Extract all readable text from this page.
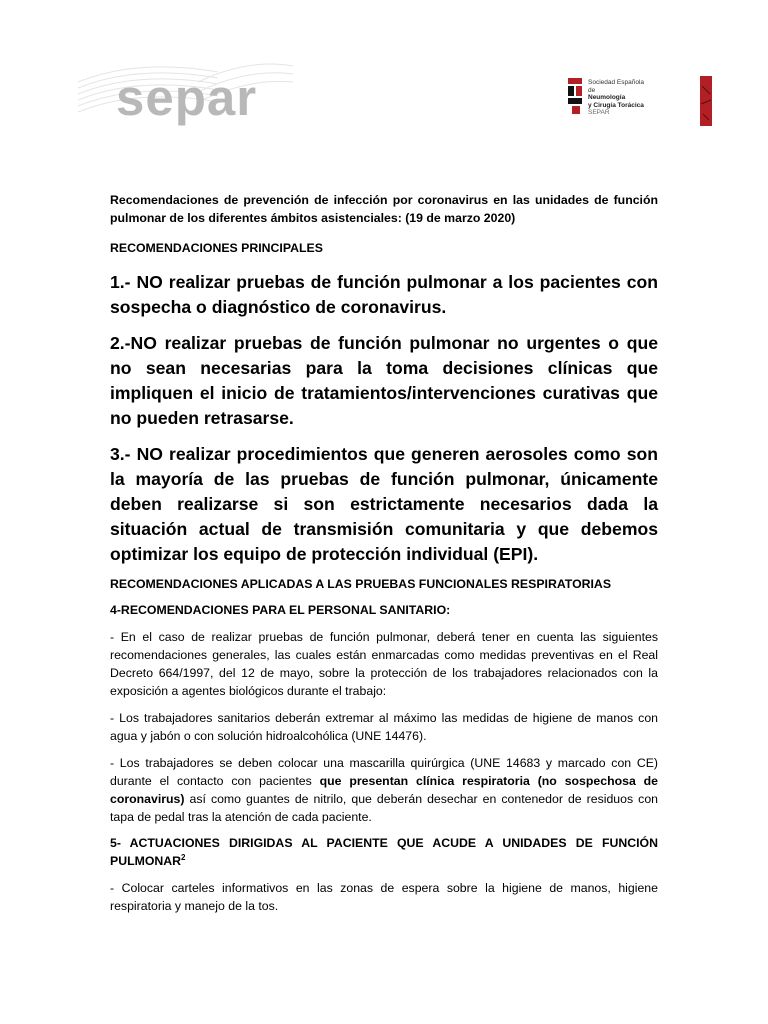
separ	Sociedad Española
de
Neumología
y Cirugía Torácica
SEPAR

Recomendaciones de prevención de infección por coronavirus en las unidades de función pulmonar de los diferentes ámbitos asistenciales: (19 de marzo 2020)

RECOMENDACIONES PRINCIPALES

1.- NO realizar pruebas de función pulmonar a los pacientes con sospecha o diagnóstico de coronavirus.

2.-NO realizar pruebas de función pulmonar no urgentes o que no sean necesarias para la toma decisiones clínicas que impliquen el inicio de tratamientos/intervenciones curativas que no pueden retrasarse.

3.- NO realizar procedimientos que generen aerosoles como son la mayoría de las pruebas de función pulmonar, únicamente deben realizarse si son estrictamente necesarios dada la situación actual de transmisión comunitaria y que debemos optimizar los equipo de protección individual (EPI).

RECOMENDACIONES APLICADAS A LAS PRUEBAS FUNCIONALES RESPIRATORIAS

4-RECOMENDACIONES PARA EL PERSONAL SANITARIO:

- En el caso de realizar pruebas de función pulmonar, deberá tener en cuenta las siguientes recomendaciones generales, las cuales están enmarcadas como medidas preventivas en el Real Decreto 664/1997, del 12 de mayo, sobre la protección de los trabajadores relacionados con la exposición a agentes biológicos durante el trabajo:

- Los trabajadores sanitarios deberán extremar al máximo las medidas de higiene de manos con agua y jabón o con solución hidroalcohólica (UNE 14476).

- Los trabajadores se deben colocar una mascarilla quirúrgica (UNE 14683 y marcado con CE) durante el contacto con pacientes que presentan clínica respiratoria (no sospechosa de coronavirus) así como guantes de nitrilo, que deberán desechar en contenedor de residuos con tapa de pedal tras la atención de cada paciente.

5- ACTUACIONES DIRIGIDAS AL PACIENTE QUE ACUDE A UNIDADES DE FUNCIÓN PULMONAR$^2$

- Colocar carteles informativos en las zonas de espera sobre la higiene de manos, higiene respiratoria y manejo de la tos.
